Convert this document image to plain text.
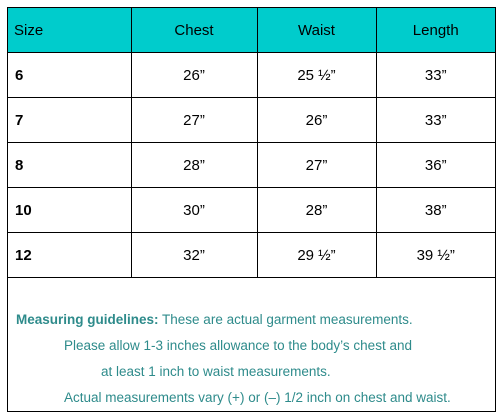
Size	Chest	Waist	Length
6	26”	25 ½”	33”
7	27”	26”	33”
8	28”	27”	36”
10	30”	28”	38”
12	32”	29 ½”	39 ½”
Measuring guidelines: These are actual garment measurements.
Please allow 1-3 inches allowance to the body’s chest and
at least 1 inch to waist measurements.
Actual measurements vary (+) or (–) 1/2 inch on chest and waist.
